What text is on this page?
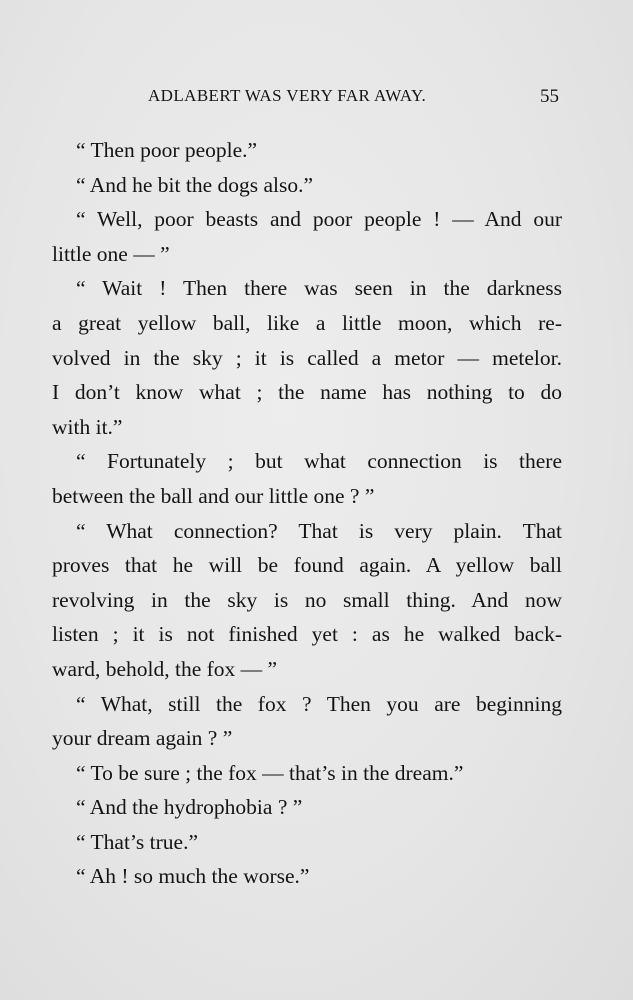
ADLABERT WAS VERY FAR AWAY.	55
“ Then poor people.”
“ And he bit the dogs also.”
“ Well, poor beasts and poor people ! — And our
little one — ”
“ Wait ! Then there was seen in the darkness
a great yellow ball, like a little moon, which re-
volved in the sky ; it is called a metor — metelor.
I don’t know what ; the name has nothing to do
with it.”
“ Fortunately ; but what connection is there
between the ball and our little one ? ”
“ What connection? That is very plain. That
proves that he will be found again. A yellow ball
revolving in the sky is no small thing. And now
listen ; it is not finished yet : as he walked back-
ward, behold, the fox — ”
“ What, still the fox ? Then you are beginning
your dream again ? ”
“ To be sure ; the fox — that’s in the dream.”
“ And the hydrophobia ? ”
“ That’s true.”
“ Ah ! so much the worse.”
